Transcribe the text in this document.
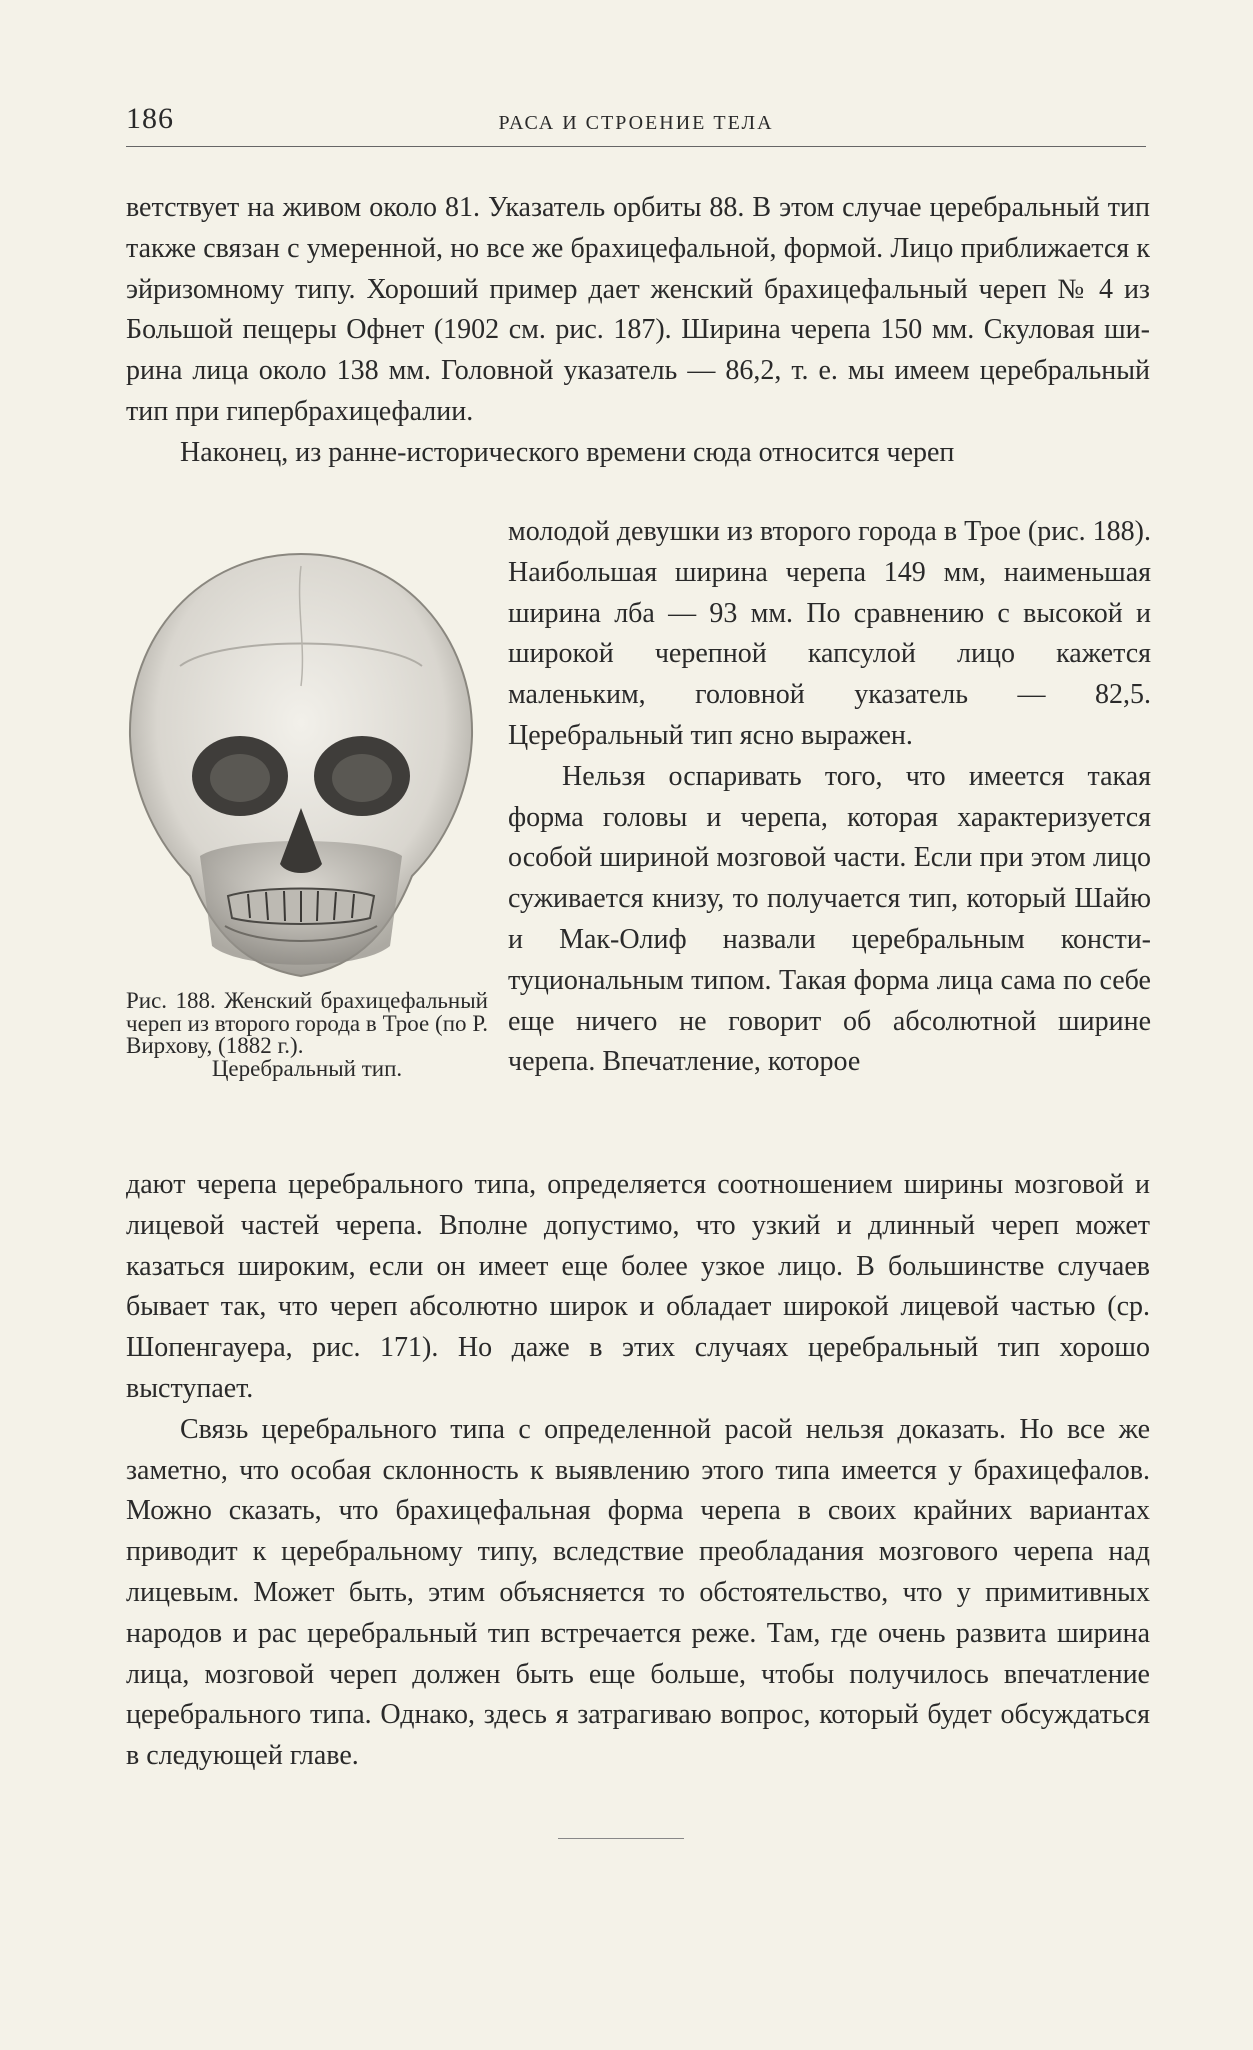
186	РАСА И СТРОЕНИЕ ТЕЛА

ветствует на живом около 81. Указатель орбиты 88. В этом случае церебральный тип также связан с умеренной, но все же брахицефальной, формой. Лицо приближается к эйризомному типу. Хороший пример дает женский брахицефальный череп № 4 из Большой пещеры Офнет (1902 см. рис. 187). Ширина черепа 150 мм. Скуловая ширина лица около 138 мм. Головной указатель — 86,2, т. е. мы имеем церебральный тип при гипербрахицефалии.

Наконец, из ранне-исторического времени сюда относится череп

Рис. 188. Женский брахицефальный череп из второго города в Трое (по Р. Вирхову, (1882 г.).
Церебральный тип.

молодой девушки из второго города в Трое (рис. 188). Наибольшая ширина черепа 149 мм, наименьшая ширина лба — 93 мм. По сравнению с высокой и широкой черепной капсулой лицо кажется маленьким, головной указатель — 82,5. Церебральный тип ясно выражен.

Нельзя оспаривать того, что имеется такая форма головы и черепа, которая характеризуется особой шириной мозговой части. Если при этом лицо суживается книзу, то получается тип, который Шайю и Мак-Олиф назвали церебральным конституциональным типом. Такая форма лица сама по себе еще ничего не говорит об абсолютной ширине черепа. Впечатление, которое

дают черепа церебрального типа, определяется соотношением ширины мозговой и лицевой частей черепа. Вполне допустимо, что узкий и длинный череп может казаться широким, если он имеет еще более узкое лицо. В большинстве случаев бывает так, что череп абсолютно широк и обладает широкой лицевой частью (ср. Шопенгауера, рис. 171). Но даже в этих случаях церебральный тип хорошо выступает.

Связь церебрального типа с определенной расой нельзя доказать. Но все же заметно, что особая склонность к выявлению этого типа имеется у брахицефалов. Можно сказать, что брахицефальная форма черепа в своих крайних вариантах приводит к церебральному типу, вследствие преобладания мозгового черепа над лицевым. Может быть, этим объясняется то обстоятельство, что у примитивных народов и рас церебральный тип встречается реже. Там, где очень развита ширина лица, мозговой череп должен быть еще больше, чтобы получилось впечатление церебрального типа. Однако, здесь я затрагиваю вопрос, который будет обсуждаться в следующей главе.
